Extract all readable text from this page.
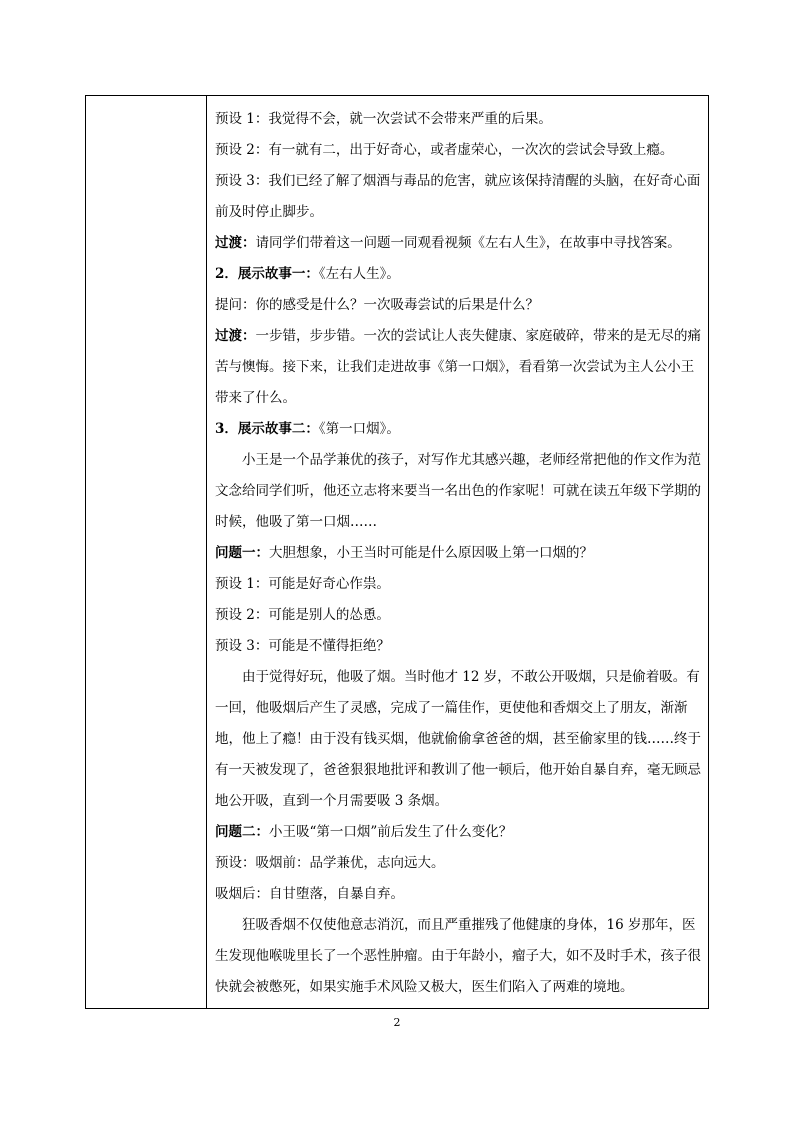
预设 1：我觉得不会，就一次尝试不会带来严重的后果。

预设 2：有一就有二，出于好奇心，或者虚荣心，一次次的尝试会导致上瘾。

预设 3：我们已经了解了烟酒与毒品的危害，就应该保持清醒的头脑，在好奇心面前及时停止脚步。

过渡：请同学们带着这一问题一同观看视频《左右人生》，在故事中寻找答案。

2．展示故事一：《左右人生》。

提问：你的感受是什么？一次吸毒尝试的后果是什么？

过渡：一步错，步步错。一次的尝试让人丧失健康、家庭破碎，带来的是无尽的痛苦与懊悔。接下来，让我们走进故事《第一口烟》，看看第一次尝试为主人公小王带来了什么。

3．展示故事二：《第一口烟》。

小王是一个品学兼优的孩子，对写作尤其感兴趣，老师经常把他的作文作为范文念给同学们听，他还立志将来要当一名出色的作家呢！可就在读五年级下学期的时候，他吸了第一口烟……

问题一：大胆想象，小王当时可能是什么原因吸上第一口烟的？

预设 1：可能是好奇心作祟。

预设 2：可能是别人的怂恿。

预设 3：可能是不懂得拒绝？

由于觉得好玩，他吸了烟。当时他才 12 岁，不敢公开吸烟，只是偷着吸。有一回，他吸烟后产生了灵感，完成了一篇佳作，更使他和香烟交上了朋友，渐渐地，他上了瘾！由于没有钱买烟，他就偷偷拿爸爸的烟，甚至偷家里的钱……终于有一天被发现了，爸爸狠狠地批评和教训了他一顿后，他开始自暴自弃，毫无顾忌地公开吸，直到一个月需要吸 3 条烟。

问题二：小王吸“第一口烟”前后发生了什么变化？

预设：吸烟前：品学兼优，志向远大。

吸烟后：自甘堕落，自暴自弃。

狂吸香烟不仅使他意志消沉，而且严重摧残了他健康的身体，16 岁那年，医生发现他喉咙里长了一个恶性肿瘤。由于年龄小，瘤子大，如不及时手术，孩子很快就会被憋死，如果实施手术风险又极大，医生们陷入了两难的境地。

2
